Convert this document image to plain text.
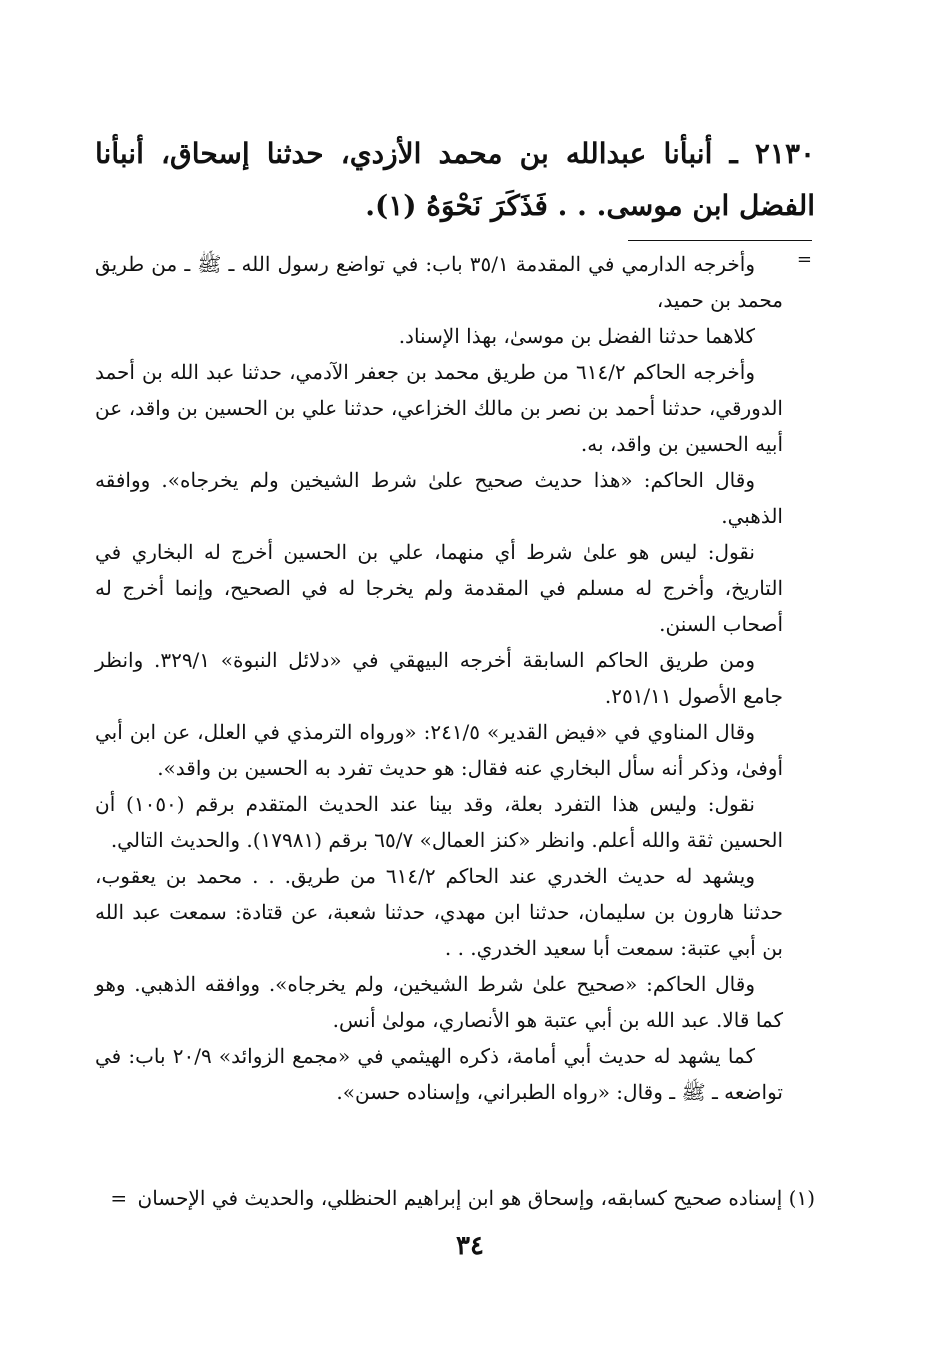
٢١٣٠ ـ أنبأنا عبدالله بن محمد الأزدي، حدثنا إسحاق، أنبأنا الفضل ابن موسى. . . فَذَكَرَ نَحْوَهُ (١).
=

وأخرجه الدارمي في المقدمة ٣٥/١ باب: في تواضع رسول الله ـ ﷺ ـ من طريق محمد بن حميد،

كلاهما حدثنا الفضل بن موسىٰ، بهذا الإسناد.

وأخرجه الحاكم ٦١٤/٢ من طريق محمد بن جعفر الآدمي، حدثنا عبد الله بن أحمد الدورقي، حدثنا أحمد بن نصر بن مالك الخزاعي، حدثنا علي بن الحسين بن واقد، عن أبيه الحسين بن واقد، به.

وقال الحاكم: «هذا حديث صحيح علىٰ شرط الشيخين ولم يخرجاه». ووافقه الذهبي.

نقول: ليس هو علىٰ شرط أي منهما، علي بن الحسين أخرج له البخاري في التاريخ، وأخرج له مسلم في المقدمة ولم يخرجا له في الصحيح، وإنما أخرج له أصحاب السنن.

ومن طريق الحاكم السابقة أخرجه البيهقي في «دلائل النبوة» ٣٢٩/١. وانظر جامع الأصول ٢٥١/١١.

وقال المناوي في «فيض القدير» ٢٤١/٥: «ورواه الترمذي في العلل، عن ابن أبي أوفىٰ، وذكر أنه سأل البخاري عنه فقال: هو حديث تفرد به الحسين بن واقد».

نقول: وليس هذا التفرد بعلة، وقد بينا عند الحديث المتقدم برقم (١٠٥٠) أن الحسين ثقة والله أعلم. وانظر «كنز العمال» ٦٥/٧ برقم (١٧٩٨١). والحديث التالي.

ويشهد له حديث الخدري عند الحاكم ٦١٤/٢ من طريق. . . محمد بن يعقوب، حدثنا هارون بن سليمان، حدثنا ابن مهدي، حدثنا شعبة، عن قتادة: سمعت عبد الله بن أبي عتبة: سمعت أبا سعيد الخدري. . .

وقال الحاكم: «صحيح علىٰ شرط الشيخين، ولم يخرجاه». ووافقه الذهبي. وهو كما قالا. عبد الله بن أبي عتبة هو الأنصاري، مولىٰ أنس.

كما يشهد له حديث أبي أمامة، ذكره الهيثمي في «مجمع الزوائد» ٢٠/٩ باب: في تواضعه ـ ﷺ ـ وقال: «رواه الطبراني، وإسناده حسن».

(١) إسناده صحيح كسابقه، وإسحاق هو ابن إبراهيم الحنظلي، والحديث في الإحسان =
٣٤
